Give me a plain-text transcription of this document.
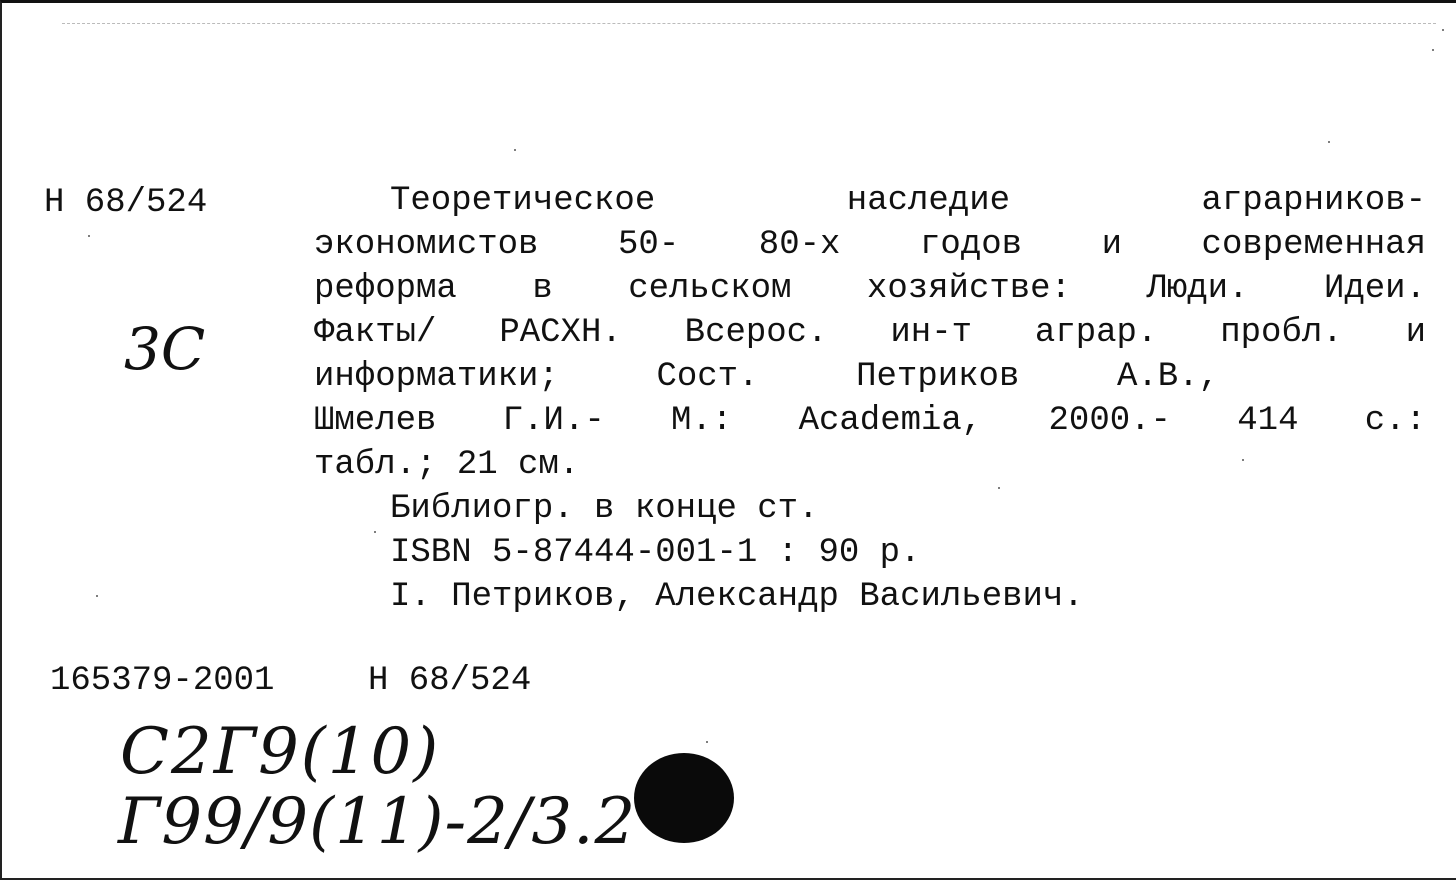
Н 68/524
3С
Теоретическое наследие аграрников-
экономистов 50- 80-х годов и современная
реформа в сельском хозяйстве: Люди. Идеи.
Факты/ РАСХН. Всерос. ин-т аграр. пробл. и
информатики; Сост. Петриков А.В.,
Шмелев Г.И.- М.: Academia, 2000.- 414 с.:
табл.; 21 см.
Библиогр. в конце ст.
ISBN 5-87444-001-1 : 90 р.
I. Петриков, Александр Васильевич.
165379-2001	Н 68/524
С2Г9(10)
Г99/9(11)-2/3.2
